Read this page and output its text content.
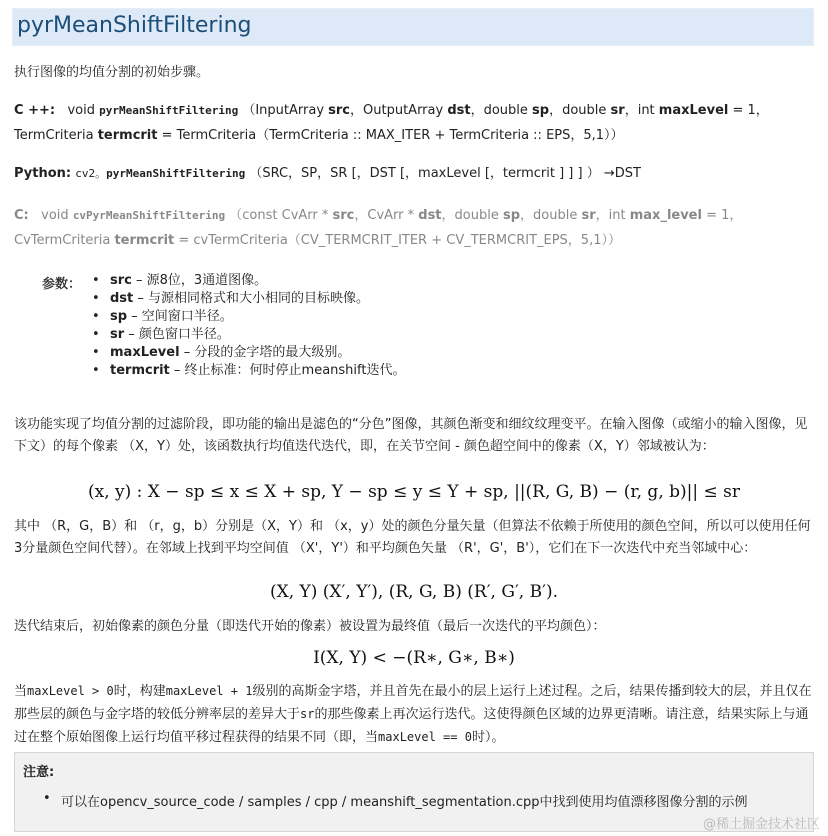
pyrMeanShiftFiltering
执行图像的均值分割的初始步骤。
C ++: void pyrMeanShiftFiltering （InputArray src，OutputArray dst，double sp，double sr，int maxLevel = 1，
TermCriteria termcrit = TermCriteria（TermCriteria :: MAX_ITER + TermCriteria :: EPS，5,1））
Python: cv2。pyrMeanShiftFiltering （SRC，SP，SR [，DST [，maxLevel [，termcrit ] ] ] ） →DST
C: void cvPyrMeanShiftFiltering （const CvArr * src，CvArr * dst，double sp，double sr，int max_level = 1，
CvTermCriteria termcrit = cvTermCriteria（CV_TERMCRIT_ITER + CV_TERMCRIT_EPS，5,1））
参数：
•	src – 源8位，3通道图像。
• dst – 与源相同格式和大小相同的目标映像。
• sp – 空间窗口半径。
• sr – 颜色窗口半径。
• maxLevel – 分段的金字塔的最大级别。
• termcrit – 终止标准：何时停止meanshift迭代。
该功能实现了均值分割的过滤阶段，即功能的输出是滤色的“分色”图像，其颜色渐变和细纹纹理变平。在输入图像（或缩小的输入图像，见下文）的每个像素 （X，Y）处，该函数执行均值迭代迭代，即，在关节空间 - 颜色超空间中的像素（X，Y）邻域被认为：
(x, y) : X − sp ≤ x ≤ X + sp, Y − sp ≤ y ≤ Y + sp, ||(R, G, B) − (r, g, b)|| ≤ sr
其中 （R，G，B）和 （r，g，b）分别是（X，Y）和 （x，y）处的颜色分量矢量（但算法不依赖于所使用的颜色空间，所以可以使用任何3分量颜色空间代替）。在邻域上找到平均空间值 （X'，Y'）和平均颜色矢量 （R'，G'，B'），它们在下一次迭代中充当邻域中心：
(X, Y) (X′, Y′), (R, G, B) (R′, G′, B′).
迭代结束后，初始像素的颜色分量（即迭代开始的像素）被设置为最终值（最后一次迭代的平均颜色）：
I(X, Y) < −(R∗, G∗, B∗)
当maxLevel > 0时，构建maxLevel + 1级别的高斯金字塔，并且首先在最小的层上运行上述过程。之后，结果传播到较大的层，并且仅在那些层的颜色与金字塔的较低分辨率层的差异大于sr的那些像素上再次运行迭代。这使得颜色区域的边界更清晰。请注意，结果实际上与通过在整个原始图像上运行均值平移过程获得的结果不同（即，当maxLevel == 0时）。
注意:
• 可以在opencv_source_code / samples / cpp / meanshift_segmentation.cpp中找到使用均值漂移图像分割的示例
@稀土掘金技术社区
